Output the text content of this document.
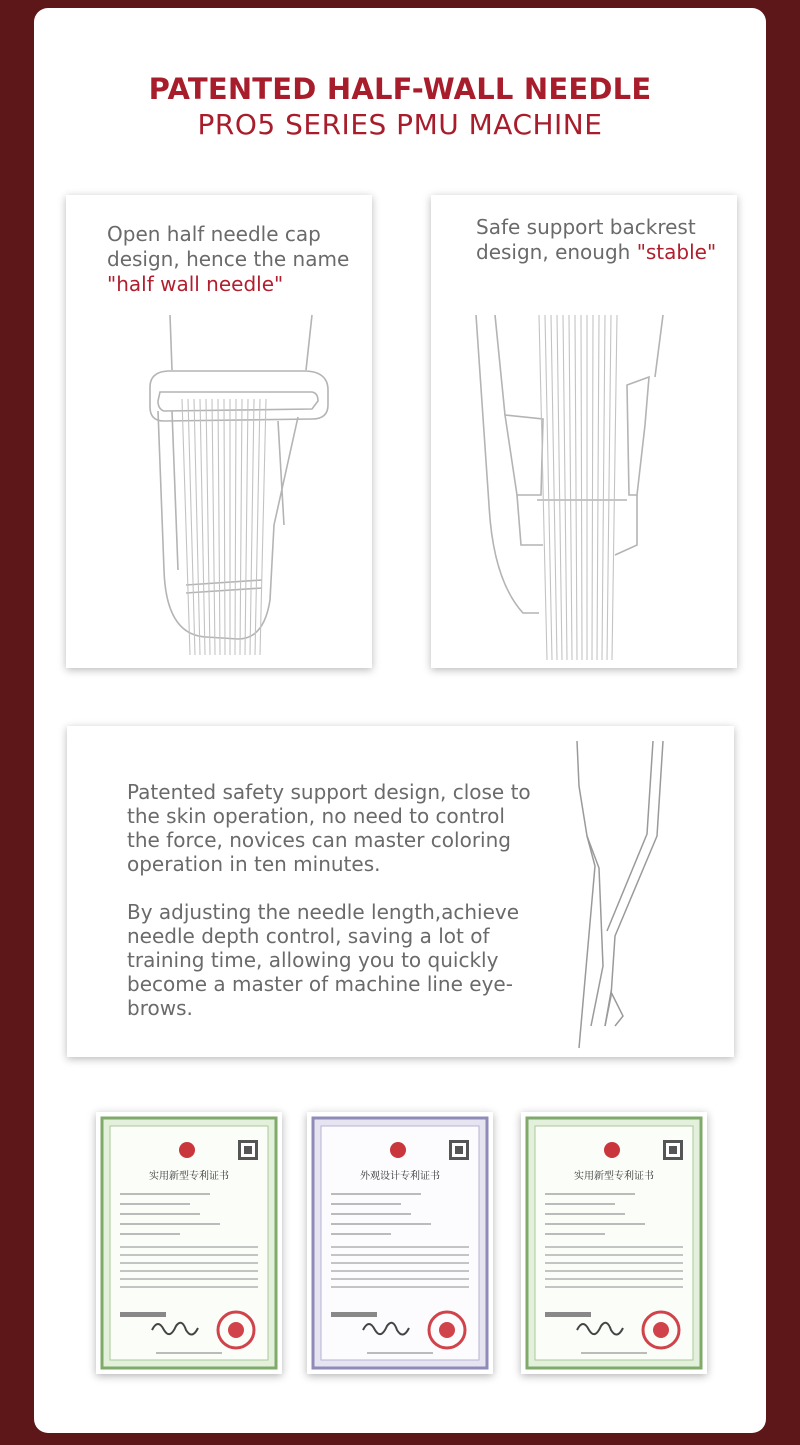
PATENTED HALF-WALL NEEDLE
PRO5 SERIES PMU MACHINE
Open half needle cap design, hence the name "half wall needle"
Safe support backrest design, enough "stable"
Patented safety support design, close to the skin operation, no need to control the force, novices can master coloring operation in ten minutes.
By adjusting the needle length,achieve needle depth control, saving a lot of training time, allowing you to quickly become a master of machine line eye-brows.
实用新型专利证书	外观设计专利证书	实用新型专利证书
